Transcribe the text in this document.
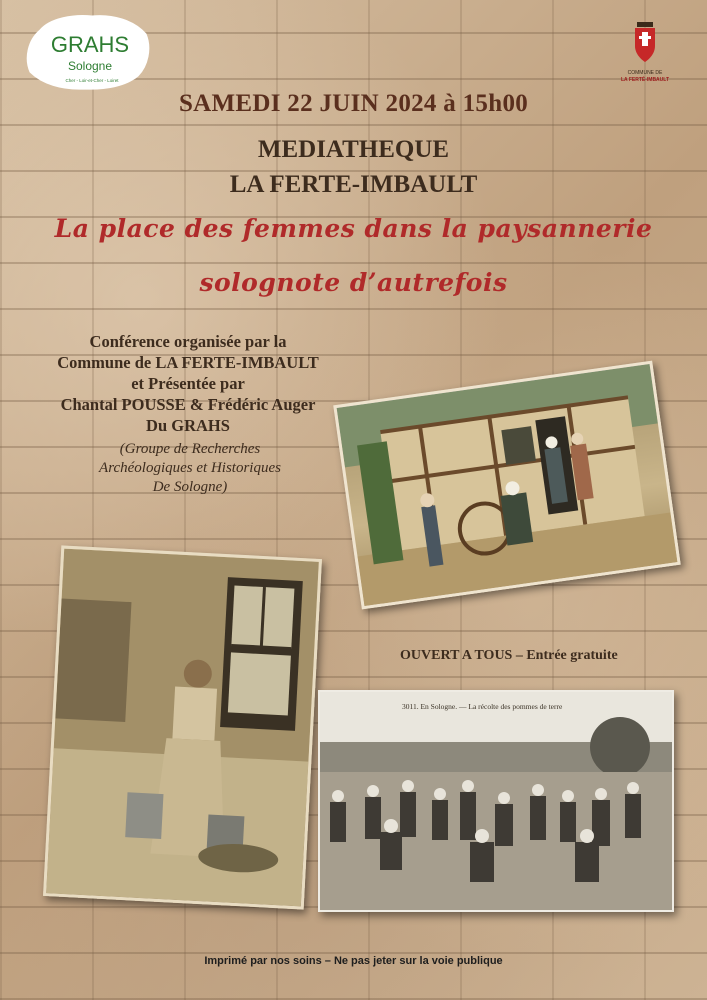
GRAHS
Sologne
Cher - Loir-et-Cher - Loiret
COMMUNE DE
LA FERTÉ-IMBAULT
SAMEDI 22 JUIN 2024 à 15h00
MEDIATHEQUE
LA FERTE-IMBAULT
La place des femmes dans la paysannerie
solognote d’autrefois
Conférence organisée par la
Commune de LA FERTE-IMBAULT
et Présentée par
Chantal POUSSE & Frédéric Auger
Du GRAHS
(Groupe de Recherches
Archéologiques et Historiques
De Sologne)
OUVERT A TOUS – Entrée gratuite
3011. En Sologne. — La récolte des pommes de terre
Imprimé par nos soins – Ne pas jeter sur la voie publique
